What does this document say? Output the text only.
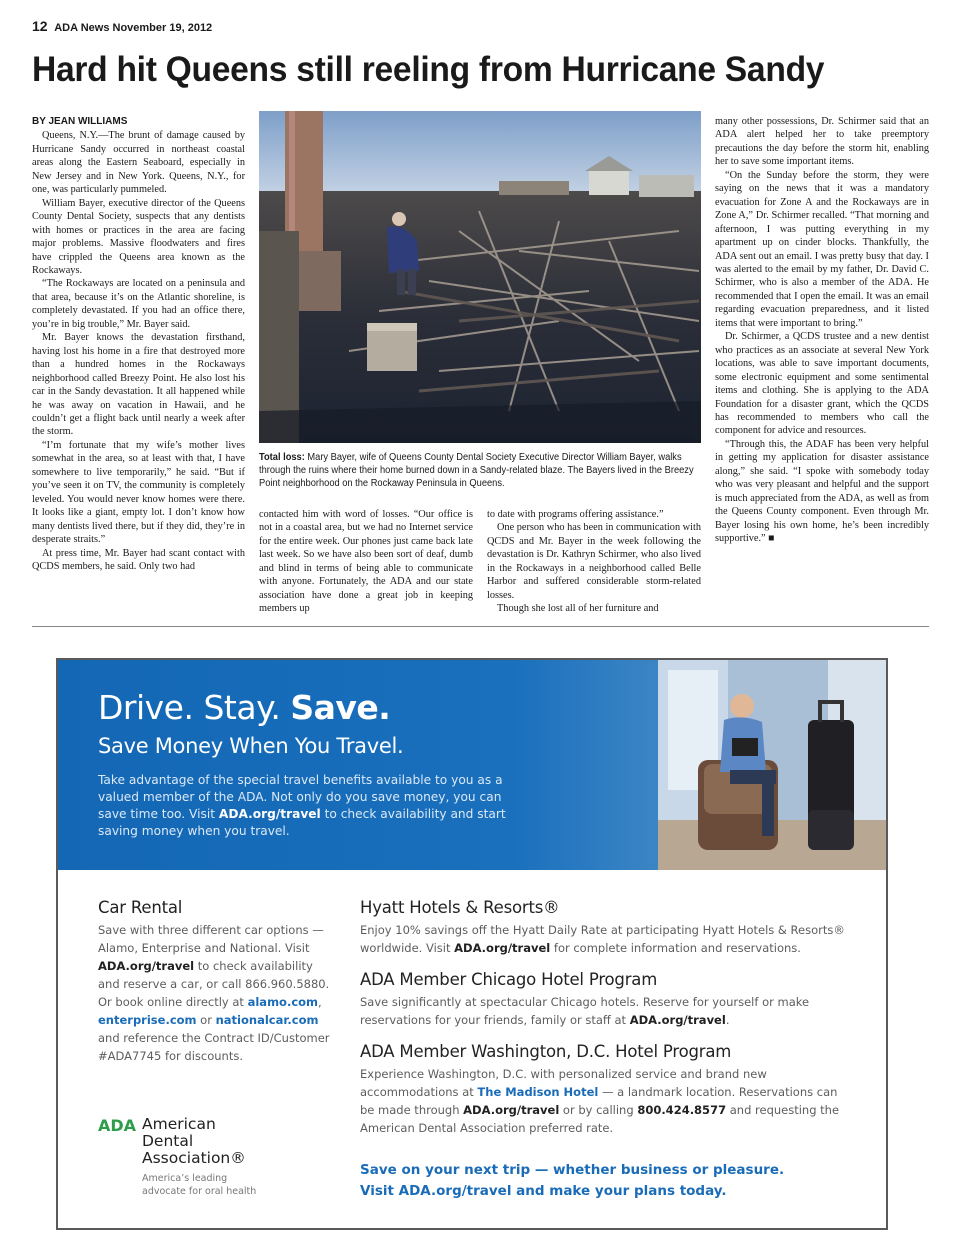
12 ADA News November 19, 2012
Hard hit Queens still reeling from Hurricane Sandy
BY JEAN WILLIAMS

Queens, N.Y.—The brunt of damage caused by Hurricane Sandy occurred in northeast coastal areas along the Eastern Seaboard, especially in New Jersey and in New York. Queens, N.Y., for one, was particularly pummeled.

William Bayer, executive director of the Queens County Dental Society, suspects that any dentists with homes or practices in the area are facing major problems. Massive floodwaters and fires have crippled the Queens area known as the Rockaways.

“The Rockaways are located on a peninsula and that area, because it’s on the Atlantic shoreline, is completely devastated. If you had an office there, you’re in big trouble,” Mr. Bayer said.

Mr. Bayer knows the devastation firsthand, having lost his home in a fire that destroyed more than a hundred homes in the Rockaways neighborhood called Breezy Point. He also lost his car in the Sandy devastation. It all happened while he was away on vacation in Hawaii, and he couldn’t get a flight back until nearly a week after the storm.

“I’m fortunate that my wife’s mother lives somewhat in the area, so at least with that, I have somewhere to live temporarily,” he said. “But if you’ve seen it on TV, the community is completely leveled. You would never know homes were there. It looks like a giant, empty lot. I don’t know how many dentists lived there, but if they did, they’re in desperate straits.”

At press time, Mr. Bayer had scant contact with QCDS members, he said. Only two had

Total loss: Mary Bayer, wife of Queens County Dental Society Executive Director William Bayer, walks through the ruins where their home burned down in a Sandy-related blaze. The Bayers lived in the Breezy Point neighborhood on the Rockaway Peninsula in Queens.

contacted him with word of losses. “Our office is not in a coastal area, but we had no Internet service for the entire week. Our phones just came back late last week. So we have also been sort of deaf, dumb and blind in terms of being able to communicate with anyone. Fortunately, the ADA and our state association have done a great job in keeping members up

to date with programs offering assistance.”

One person who has been in communication with QCDS and Mr. Bayer in the week following the devastation is Dr. Kathryn Schirmer, who also lived in the Rockaways in a neighborhood called Belle Harbor and suffered considerable storm-related losses.

Though she lost all of her furniture and

many other possessions, Dr. Schirmer said that an ADA alert helped her to take preemptory precautions the day before the storm hit, enabling her to save some important items.

“On the Sunday before the storm, they were saying on the news that it was a mandatory evacuation for Zone A and the Rockaways are in Zone A,” Dr. Schirmer recalled. “That morning and afternoon, I was putting everything in my apartment up on cinder blocks. Thankfully, the ADA sent out an email. I was pretty busy that day. I was alerted to the email by my father, Dr. David C. Schirmer, who is also a member of the ADA. He recommended that I open the email. It was an email regarding evacuation preparedness, and it listed items that were important to bring.”

Dr. Schirmer, a QCDS trustee and a new dentist who practices as an associate at several New York locations, was able to save important documents, some electronic equipment and some sentimental items and clothing. She is applying to the ADA Foundation for a disaster grant, which the QCDS has recommended to members who call the component for advice and resources.

“Through this, the ADAF has been very helpful in getting my application for disaster assistance along,” she said. “I spoke with somebody today who was very pleasant and helpful and the support is much appreciated from the ADA, as well as from the Queens County component. Even through Mr. Bayer losing his own home, he’s been incredibly supportive.” ■

Drive. Stay. Save.
Save Money When You Travel.
Take advantage of the special travel benefits available to you as a valued member of the ADA. Not only do you save money, you can save time too. Visit ADA.org/travel to check availability and start saving money when you travel.
Car Rental

Save with three different car options — Alamo, Enterprise and National. Visit ADA.org/travel to check availability and reserve a car, or call 866.960.5880. Or book online directly at alamo.com, enterprise.com or nationalcar.com and reference the Contract ID/Customer #ADA7745 for discounts.

Hyatt Hotels & Resorts®

Enjoy 10% savings off the Hyatt Daily Rate at participating Hyatt Hotels & Resorts® worldwide. Visit ADA.org/travel for complete information and reservations.

ADA Member Chicago Hotel Program

Save significantly at spectacular Chicago hotels. Reserve for yourself or make reservations for your friends, family or staff at ADA.org/travel.

ADA Member Washington, D.C. Hotel Program

Experience Washington, D.C. with personalized service and brand new accommodations at The Madison Hotel — a landmark location. Reservations can be made through ADA.org/travel or by calling 800.424.8577 and requesting the American Dental Association preferred rate.

Save on your next trip — whether business or pleasure.
Visit ADA.org/travel and make your plans today.
ADA American
Dental
Association®
America’s leading
advocate for oral health
